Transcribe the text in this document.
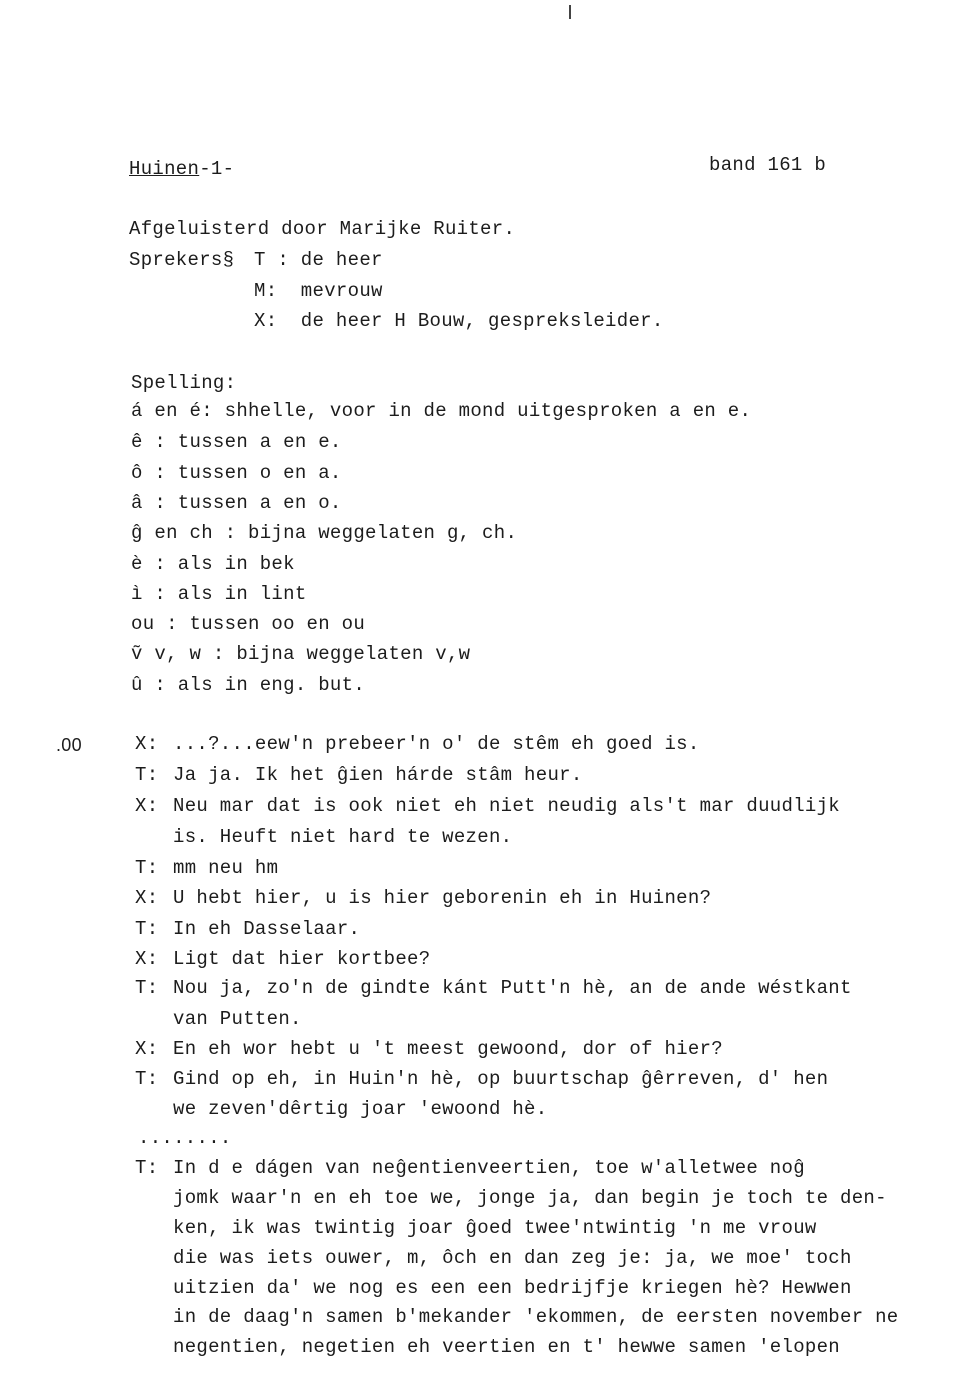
Huinen-1-	band 161 b
Afgeluisterd door Marijke Ruiter.
Sprekers§ T : de heer
M:  mevrouw
X:  de heer H Bouw, gespreksleider.
Spelling:
á en é: shhelle, voor in de mond uitgesproken a en e.
ê : tussen a en e.
ô : tussen o en a.
â : tussen a en o.
ĝ en ch : bijna weggelaten g, ch.
è : als in bek
ì : als in lint
ou : tussen oo en ou
ṽ v, w : bijna weggelaten v,w
û : als in eng. but.
.00	X: ...?...eew'n prebeer'n o' de stêm eh goed is.
T: Ja ja. Ik het ĝien hárde stâm heur.
X: Neu mar dat is ook niet eh niet neudig als't mar duudlijk
is. Heuft niet hard te wezen.
T: mm neu hm
X: U hebt hier, u is hier geborenin eh in Huinen?
T: In eh Dasselaar.
X: Ligt dat hier kortbee?
T: Nou ja, zo'n de gindte kánt Putt'n hè, an de ande wéstkant
van Putten.
X: En eh wor hebt u 't meest gewoond, dor of hier?
T: Gind op eh, in Huin'n hè, op buurtschap ĝêrreven, d' hen
we zeven'dêrtig joar 'ewoond hè.
........
T: In d e dágen van neĝentienveertien, toe w'alletwee noĝ
jomk waar'n en eh toe we, jonge ja, dan begin je toch te den-
ken, ik was twintig joar ĝoed twee'ntwintig 'n me vrouw
die was iets ouwer, m, ôch en dan zeg je: ja, we moe' toch
uitzien da' we nog es een een bedrijfje kriegen hè? Hewwen
in de daag'n samen b'mekander 'ekommen, de eersten november ne
negentien, negetien eh veertien en t' hewwe samen 'elopen
